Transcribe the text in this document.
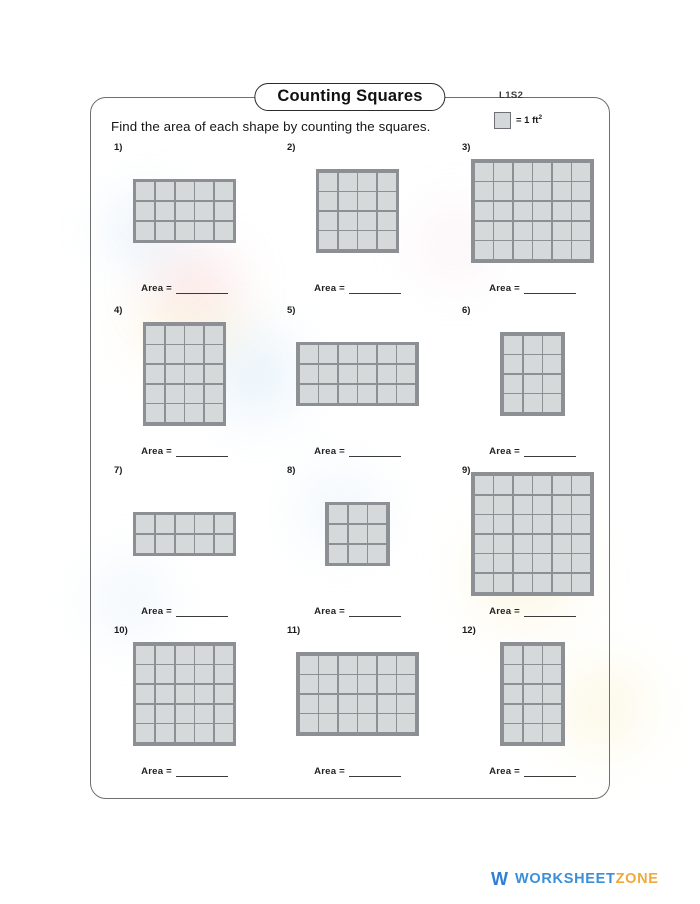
L1S2
= 1 $ft^2$
Counting Squares
Find the area of each shape by counting the squares.
1)
Area =
2)
Area =
3)
Area =
4)
Area =
5)
Area =
6)
Area =
7)
Area =
8)
Area =
9)
Area =
10)
Area =
11)
Area =
12)
Area =
W WORKSHEETZONE
